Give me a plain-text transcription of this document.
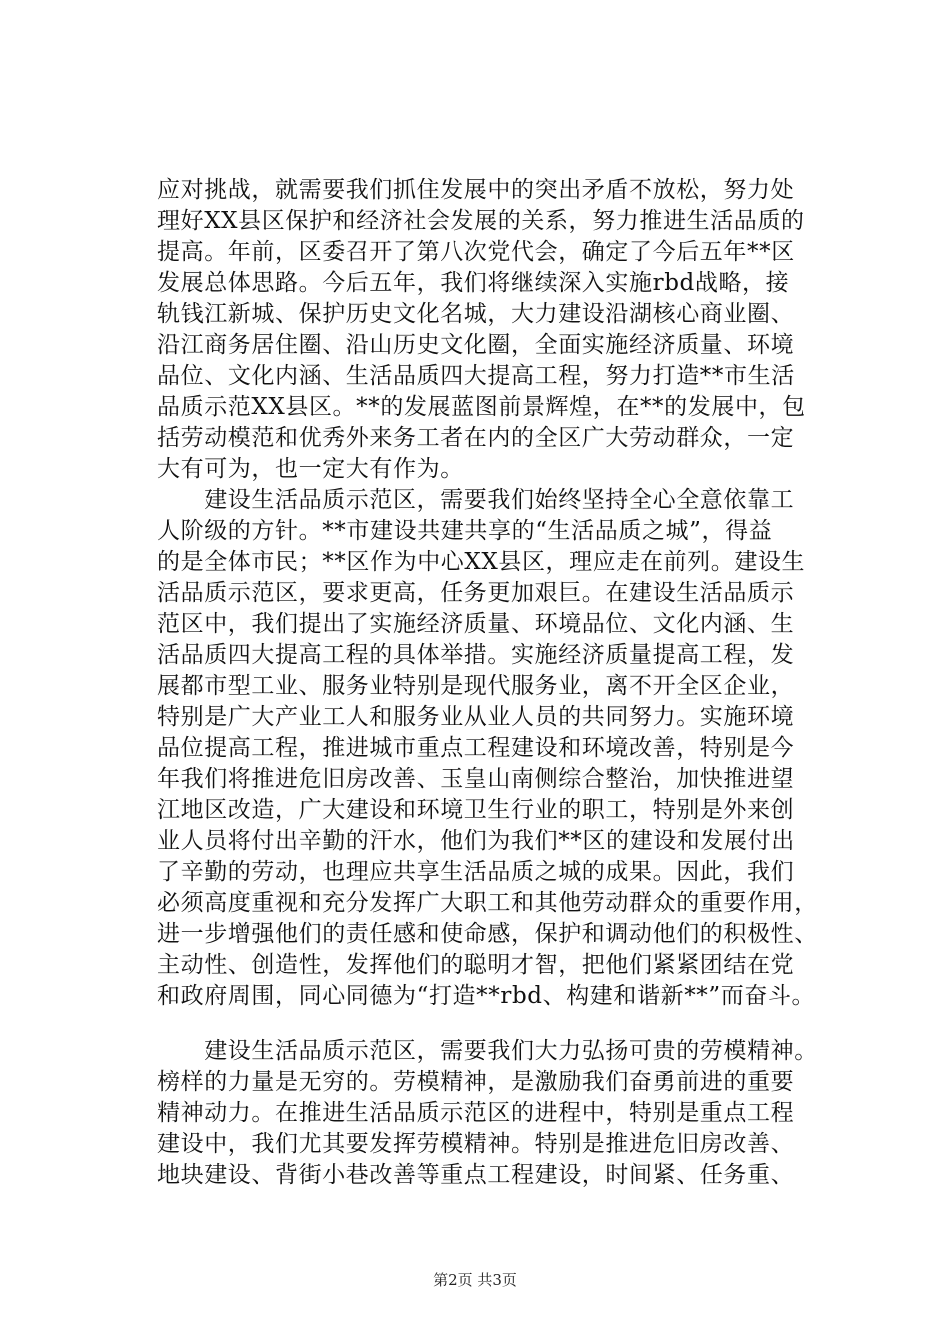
应对挑战，就需要我们抓住发展中的突出矛盾不放松，努力处
理好XX县区保护和经济社会发展的关系，努力推进生活品质的
提高。年前，区委召开了第八次党代会，确定了今后五年**区
发展总体思路。今后五年，我们将继续深入实施rbd战略，接
轨钱江新城、保护历史文化名城，大力建设沿湖核心商业圈、
沿江商务居住圈、沿山历史文化圈，全面实施经济质量、环境
品位、文化内涵、生活品质四大提高工程，努力打造**市生活
品质示范XX县区。**的发展蓝图前景辉煌，在**的发展中，包
括劳动模范和优秀外来务工者在内的全区广大劳动群众，一定
大有可为，也一定大有作为。
　　建设生活品质示范区，需要我们始终坚持全心全意依靠工
人阶级的方针。**市建设共建共享的“生活品质之城”，得益
的是全体市民；**区作为中心XX县区，理应走在前列。建设生
活品质示范区，要求更高，任务更加艰巨。在建设生活品质示
范区中，我们提出了实施经济质量、环境品位、文化内涵、生
活品质四大提高工程的具体举措。实施经济质量提高工程，发
展都市型工业、服务业特别是现代服务业，离不开全区企业，
特别是广大产业工人和服务业从业人员的共同努力。实施环境
品位提高工程，推进城市重点工程建设和环境改善，特别是今
年我们将推进危旧房改善、玉皇山南侧综合整治，加快推进望
江地区改造，广大建设和环境卫生行业的职工，特别是外来创
业人员将付出辛勤的汗水，他们为我们**区的建设和发展付出
了辛勤的劳动，也理应共享生活品质之城的成果。因此，我们
必须高度重视和充分发挥广大职工和其他劳动群众的重要作用，
进一步增强他们的责任感和使命感，保护和调动他们的积极性、
主动性、创造性，发挥他们的聪明才智，把他们紧紧团结在党
和政府周围，同心同德为“打造**rbd、构建和谐新**”而奋斗。
　　建设生活品质示范区，需要我们大力弘扬可贵的劳模精神。
榜样的力量是无穷的。劳模精神，是激励我们奋勇前进的重要
精神动力。在推进生活品质示范区的进程中，特别是重点工程
建设中，我们尤其要发挥劳模精神。特别是推进危旧房改善、
地块建设、背街小巷改善等重点工程建设，时间紧、任务重、
第2页 共3页
